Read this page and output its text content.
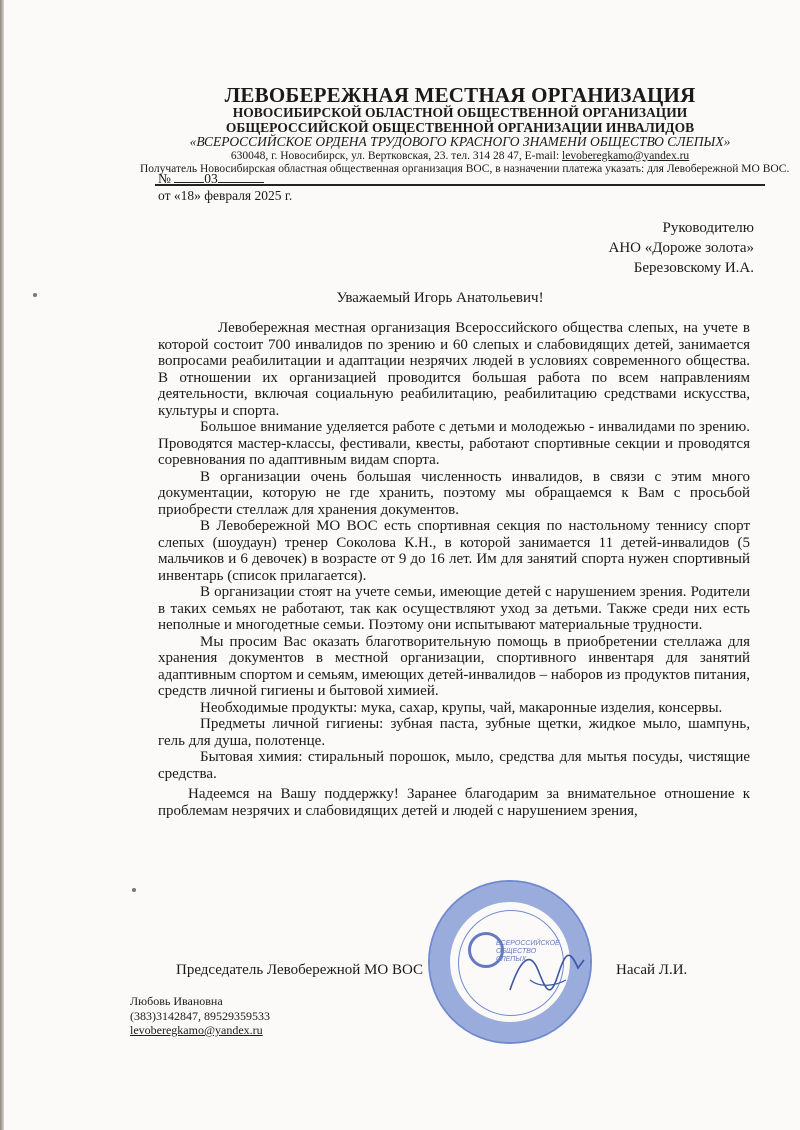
ЛЕВОБЕРЕЖНАЯ МЕСТНАЯ ОРГАНИЗАЦИЯ
НОВОСИБИРСКОЙ ОБЛАСТНОЙ ОБЩЕСТВЕННОЙ ОРГАНИЗАЦИИ
ОБЩЕРОССИЙСКОЙ ОБЩЕСТВЕННОЙ ОРГАНИЗАЦИИ ИНВАЛИДОВ
«ВСЕРОССИЙСКОЕ ОРДЕНА ТРУДОВОГО КРАСНОГО ЗНАМЕНИ ОБЩЕСТВО СЛЕПЫХ»
630048, г. Новосибирск, ул. Вертковская, 23. тел. 314 28 47, E-mail: levoberegkamo@yandex.ru
Получатель Новосибирская областная общественная организация ВОС, в назначении платежа указать: для Левобережной МО ВОС.
№ 03
от «18» февраля 2025 г.
Руководителю
АНО «Дороже золота»
Березовскому И.А.
Уважаемый Игорь Анатольевич!

Левобережная местная организация Всероссийского общества слепых, на учете в которой состоит 700 инвалидов по зрению и 60 слепых и слабовидящих детей, занимается вопросами реабилитации и адаптации незрячих людей в условиях современного общества. В отношении их организацией проводится большая работа по всем направлениям деятельности, включая социальную реабилитацию, реабилитацию средствами искусства, культуры и спорта.

Большое внимание уделяется работе с детьми и молодежью - инвалидами по зрению. Проводятся мастер-классы, фестивали, квесты, работают спортивные секции и проводятся соревнования по адаптивным видам спорта.

В организации очень большая численность инвалидов, в связи с этим много документации, которую не где хранить, поэтому мы обращаемся к Вам с просьбой приобрести стеллаж для хранения документов.

В Левобережной МО ВОС есть спортивная секция по настольному теннису спорт слепых (шоудаун) тренер Соколова К.Н., в которой занимается 11 детей-инвалидов (5 мальчиков и 6 девочек) в возрасте от 9 до 16 лет. Им для занятий спорта нужен спортивный инвентарь (список прилагается).

В организации стоят на учете семьи, имеющие детей с нарушением зрения. Родители в таких семьях не работают, так как осуществляют уход за детьми. Также среди них есть неполные и многодетные семьи. Поэтому они испытывают материальные трудности.

Мы просим Вас оказать благотворительную помощь в приобретении стеллажа для хранения документов в местной организации, спортивного инвентаря для занятий адаптивным спортом и семьям, имеющих детей-инвалидов – наборов из продуктов питания, средств личной гигиены и бытовой химией.

Необходимые продукты: мука, сахар, крупы, чай, макаронные изделия, консервы.

Предметы личной гигиены: зубная паста, зубные щетки, жидкое мыло, шампунь, гель для душа, полотенце.

Бытовая химия: стиральный порошок, мыло, средства для мытья посуды, чистящие средства.

Надеемся на Вашу поддержку! Заранее благодарим за внимательное отношение к проблемам незрячих и слабовидящих детей и людей с нарушением зрения,

ВСЕРОССИЙСКОЕ
ОБЩЕСТВО
СЛЕПЫХ
Председатель Левобережной МО ВОС	Насай Л.И.
Любовь Ивановна
(383)3142847, 89529359533
levoberegkamo@yandex.ru
